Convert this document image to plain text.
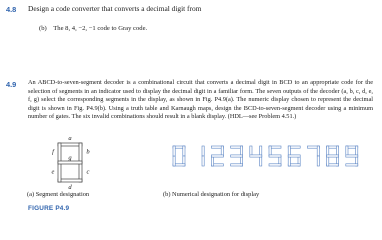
4.8 Design a code converter that converts a decimal digit from
(b) The 8, 4, −2, −1 code to Gray code.
4.9 An ABCD-to-seven-segment decoder is a combinational circuit that converts a decimal digit in BCD to an appropriate code for the selection of segments in an indicator used to display the decimal digit in a familiar form. The seven outputs of the decoder (a, b, c, d, e, f, g) select the corresponding segments in the display, as shown in Fig. P4.9(a). The numeric display chosen to represent the decimal digit is shown in Fig. P4.9(b). Using a truth table and Karnaugh maps, design the BCD-to-seven-segment decoder using a minimum number of gates. The six invalid combinations should result in a blank display. (HDL—see Problem 4.51.)

a
b
c
d
e
f
g
(a) Segment designation	(b) Numerical designation for display
FIGURE P4.9
